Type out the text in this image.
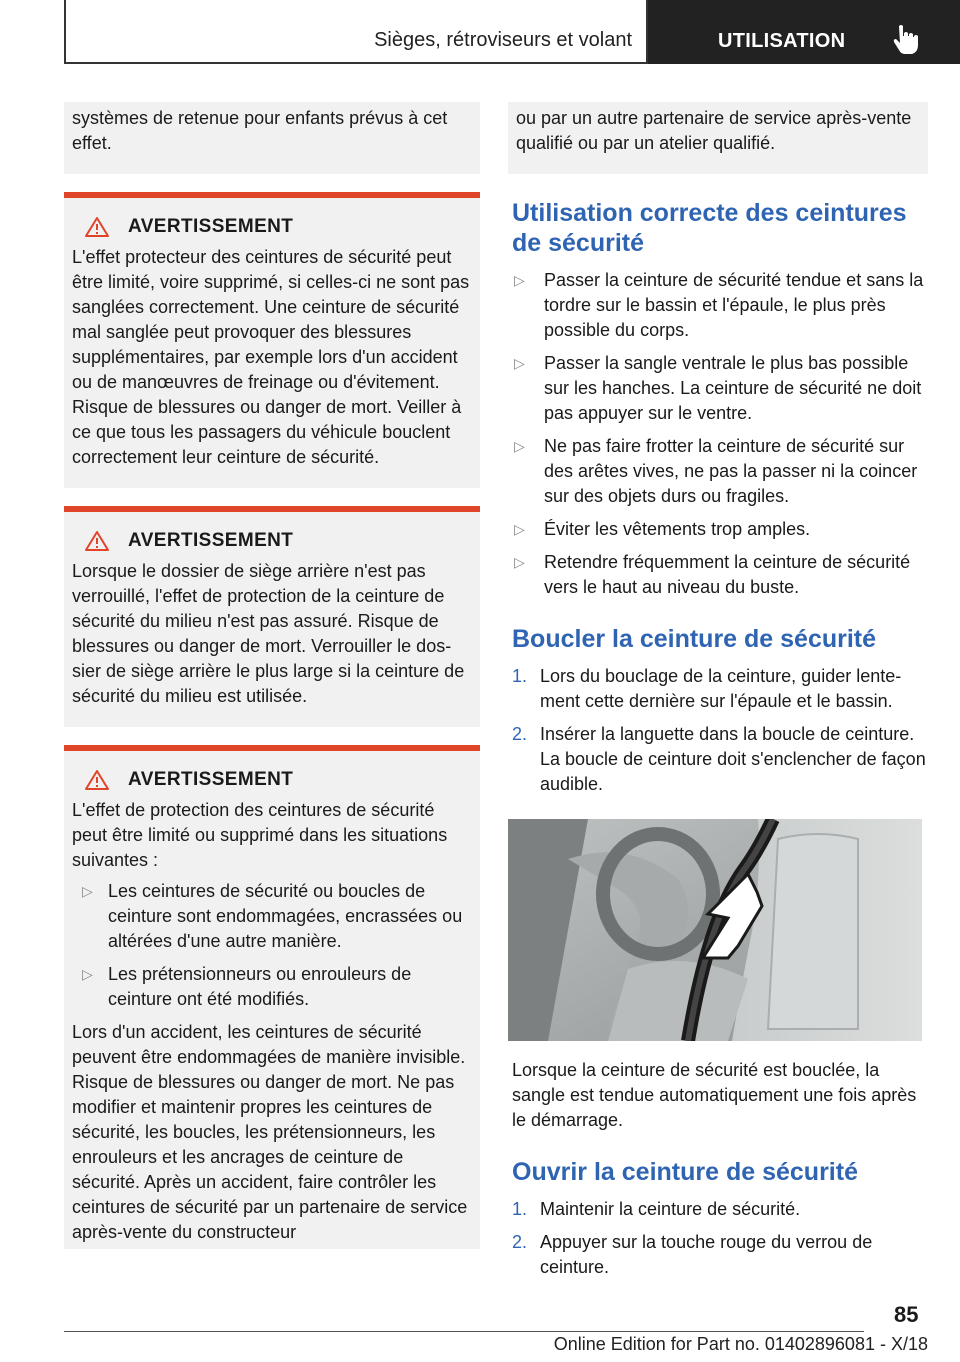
Sièges, rétroviseurs et volant	UTILISATION
systèmes de retenue pour enfants prévus à cet effet.
AVERTISSEMENT
L'effet protecteur des ceintures de sécurité peut être limité, voire supprimé, si celles-ci ne sont pas sanglées correctement. Une ceinture de sécurité mal sanglée peut provoquer des blessures supplémentaires, par exemple lors d'un accident ou de manœuvres de freinage ou d'évitement. Risque de blessures ou danger de mort. Veiller à ce que tous les passagers du véhicule bouclent correctement leur ceinture de sécurité.
AVERTISSEMENT
Lorsque le dossier de siège arrière n'est pas verrouillé, l'effet de protection de la ceinture de sécurité du milieu n'est pas assuré. Risque de blessures ou danger de mort. Verrouiller le dossier de siège arrière le plus large si la ceinture de sécurité du milieu est utilisée.
AVERTISSEMENT
L'effet de protection des ceintures de sécurité peut être limité ou supprimé dans les situations suivantes :
▷ Les ceintures de sécurité ou boucles de ceinture sont endommagées, encrassées ou altérées d'une autre manière.
▷ Les prétensionneurs ou enrouleurs de ceinture ont été modifiés.
Lors d'un accident, les ceintures de sécurité peuvent être endommagées de manière invisible. Risque de blessures ou danger de mort. Ne pas modifier et maintenir propres les ceintures de sécurité, les boucles, les prétensionneurs, les enrouleurs et les ancrages de ceinture de sécurité. Après un accident, faire contrôler les ceintures de sécurité par un partenaire de service après-vente du constructeur
ou par un autre partenaire de service après-vente qualifié ou par un atelier qualifié.
Utilisation correcte des ceintures de sécurité
▷ Passer la ceinture de sécurité tendue et sans la tordre sur le bassin et l'épaule, le plus près possible du corps.
▷ Passer la sangle ventrale le plus bas possible sur les hanches. La ceinture de sécurité ne doit pas appuyer sur le ventre.
▷ Ne pas faire frotter la ceinture de sécurité sur des arêtes vives, ne pas la passer ni la coincer sur des objets durs ou fragiles.
▷ Éviter les vêtements trop amples.
▷ Retendre fréquemment la ceinture de sécurité vers le haut au niveau du buste.
Boucler la ceinture de sécurité
1. Lors du bouclage de la ceinture, guider lentement cette dernière sur l'épaule et le bassin.
2. Insérer la languette dans la boucle de ceinture. La boucle de ceinture doit s'enclencher de façon audible.
Lorsque la ceinture de sécurité est bouclée, la sangle est tendue automatiquement une fois après le démarrage.
Ouvrir la ceinture de sécurité
1. Maintenir la ceinture de sécurité.
2. Appuyer sur la touche rouge du verrou de ceinture.
85
Online Edition for Part no. 01402896081 - X/18
